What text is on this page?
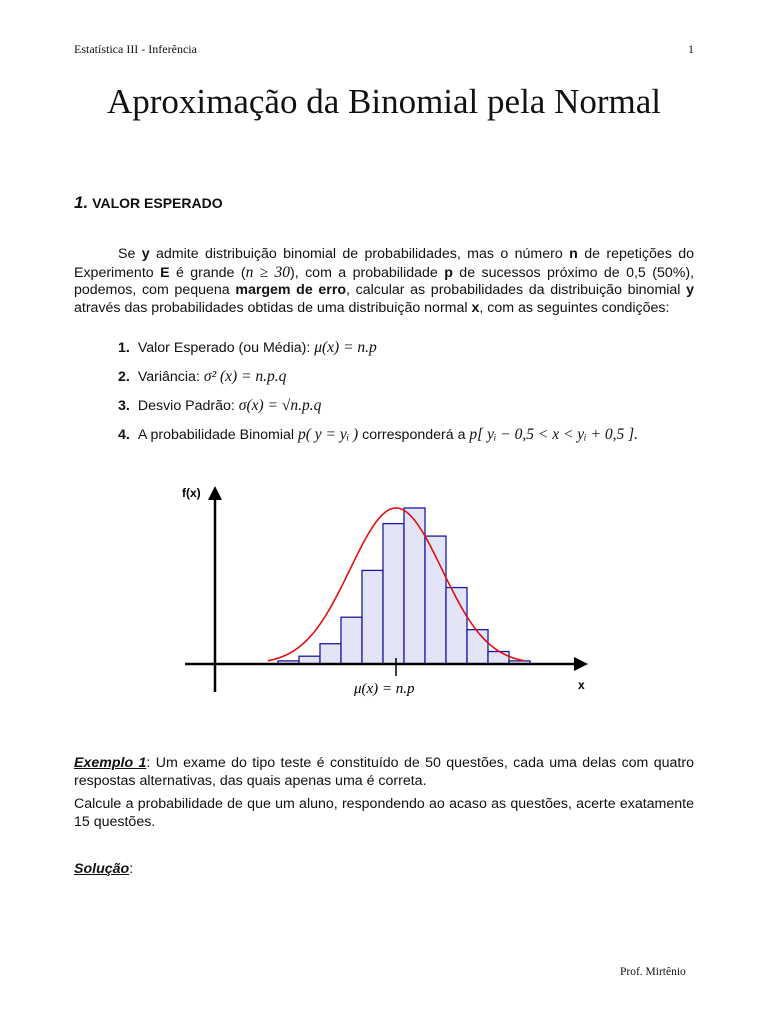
Estatística III - Inferência	1
Aproximação da Binomial pela Normal
1. VALOR ESPERADO

Se y admite distribuição binomial de probabilidades, mas o número n de repetições do Experimento E é grande (n ≥ 30), com a probabilidade p de sucessos próximo de 0,5 (50%), podemos, com pequena margem de erro, calcular as probabilidades da distribuição binomial y através das probabilidades obtidas de uma distribuição normal x, com as seguintes condições:

1. Valor Esperado (ou Média): μ(x) = n.p
2. Variância: σ² (x) = n.p.q
3. Desvio Padrão: σ(x) = √n.p.q
4. A probabilidade Binomial p( y = yᵢ ) corresponderá a p[ yᵢ − 0,5 < x < yᵢ + 0,5 ].
f(x)
x
μ(x) = n.p

Exemplo 1: Um exame do tipo teste é constituído de 50 questões, cada uma delas com quatro respostas alternativas, das quais apenas uma é correta.

Calcule a probabilidade de que um aluno, respondendo ao acaso as questões, acerte exatamente 15 questões.

Solução:
Prof. Mirtênio
